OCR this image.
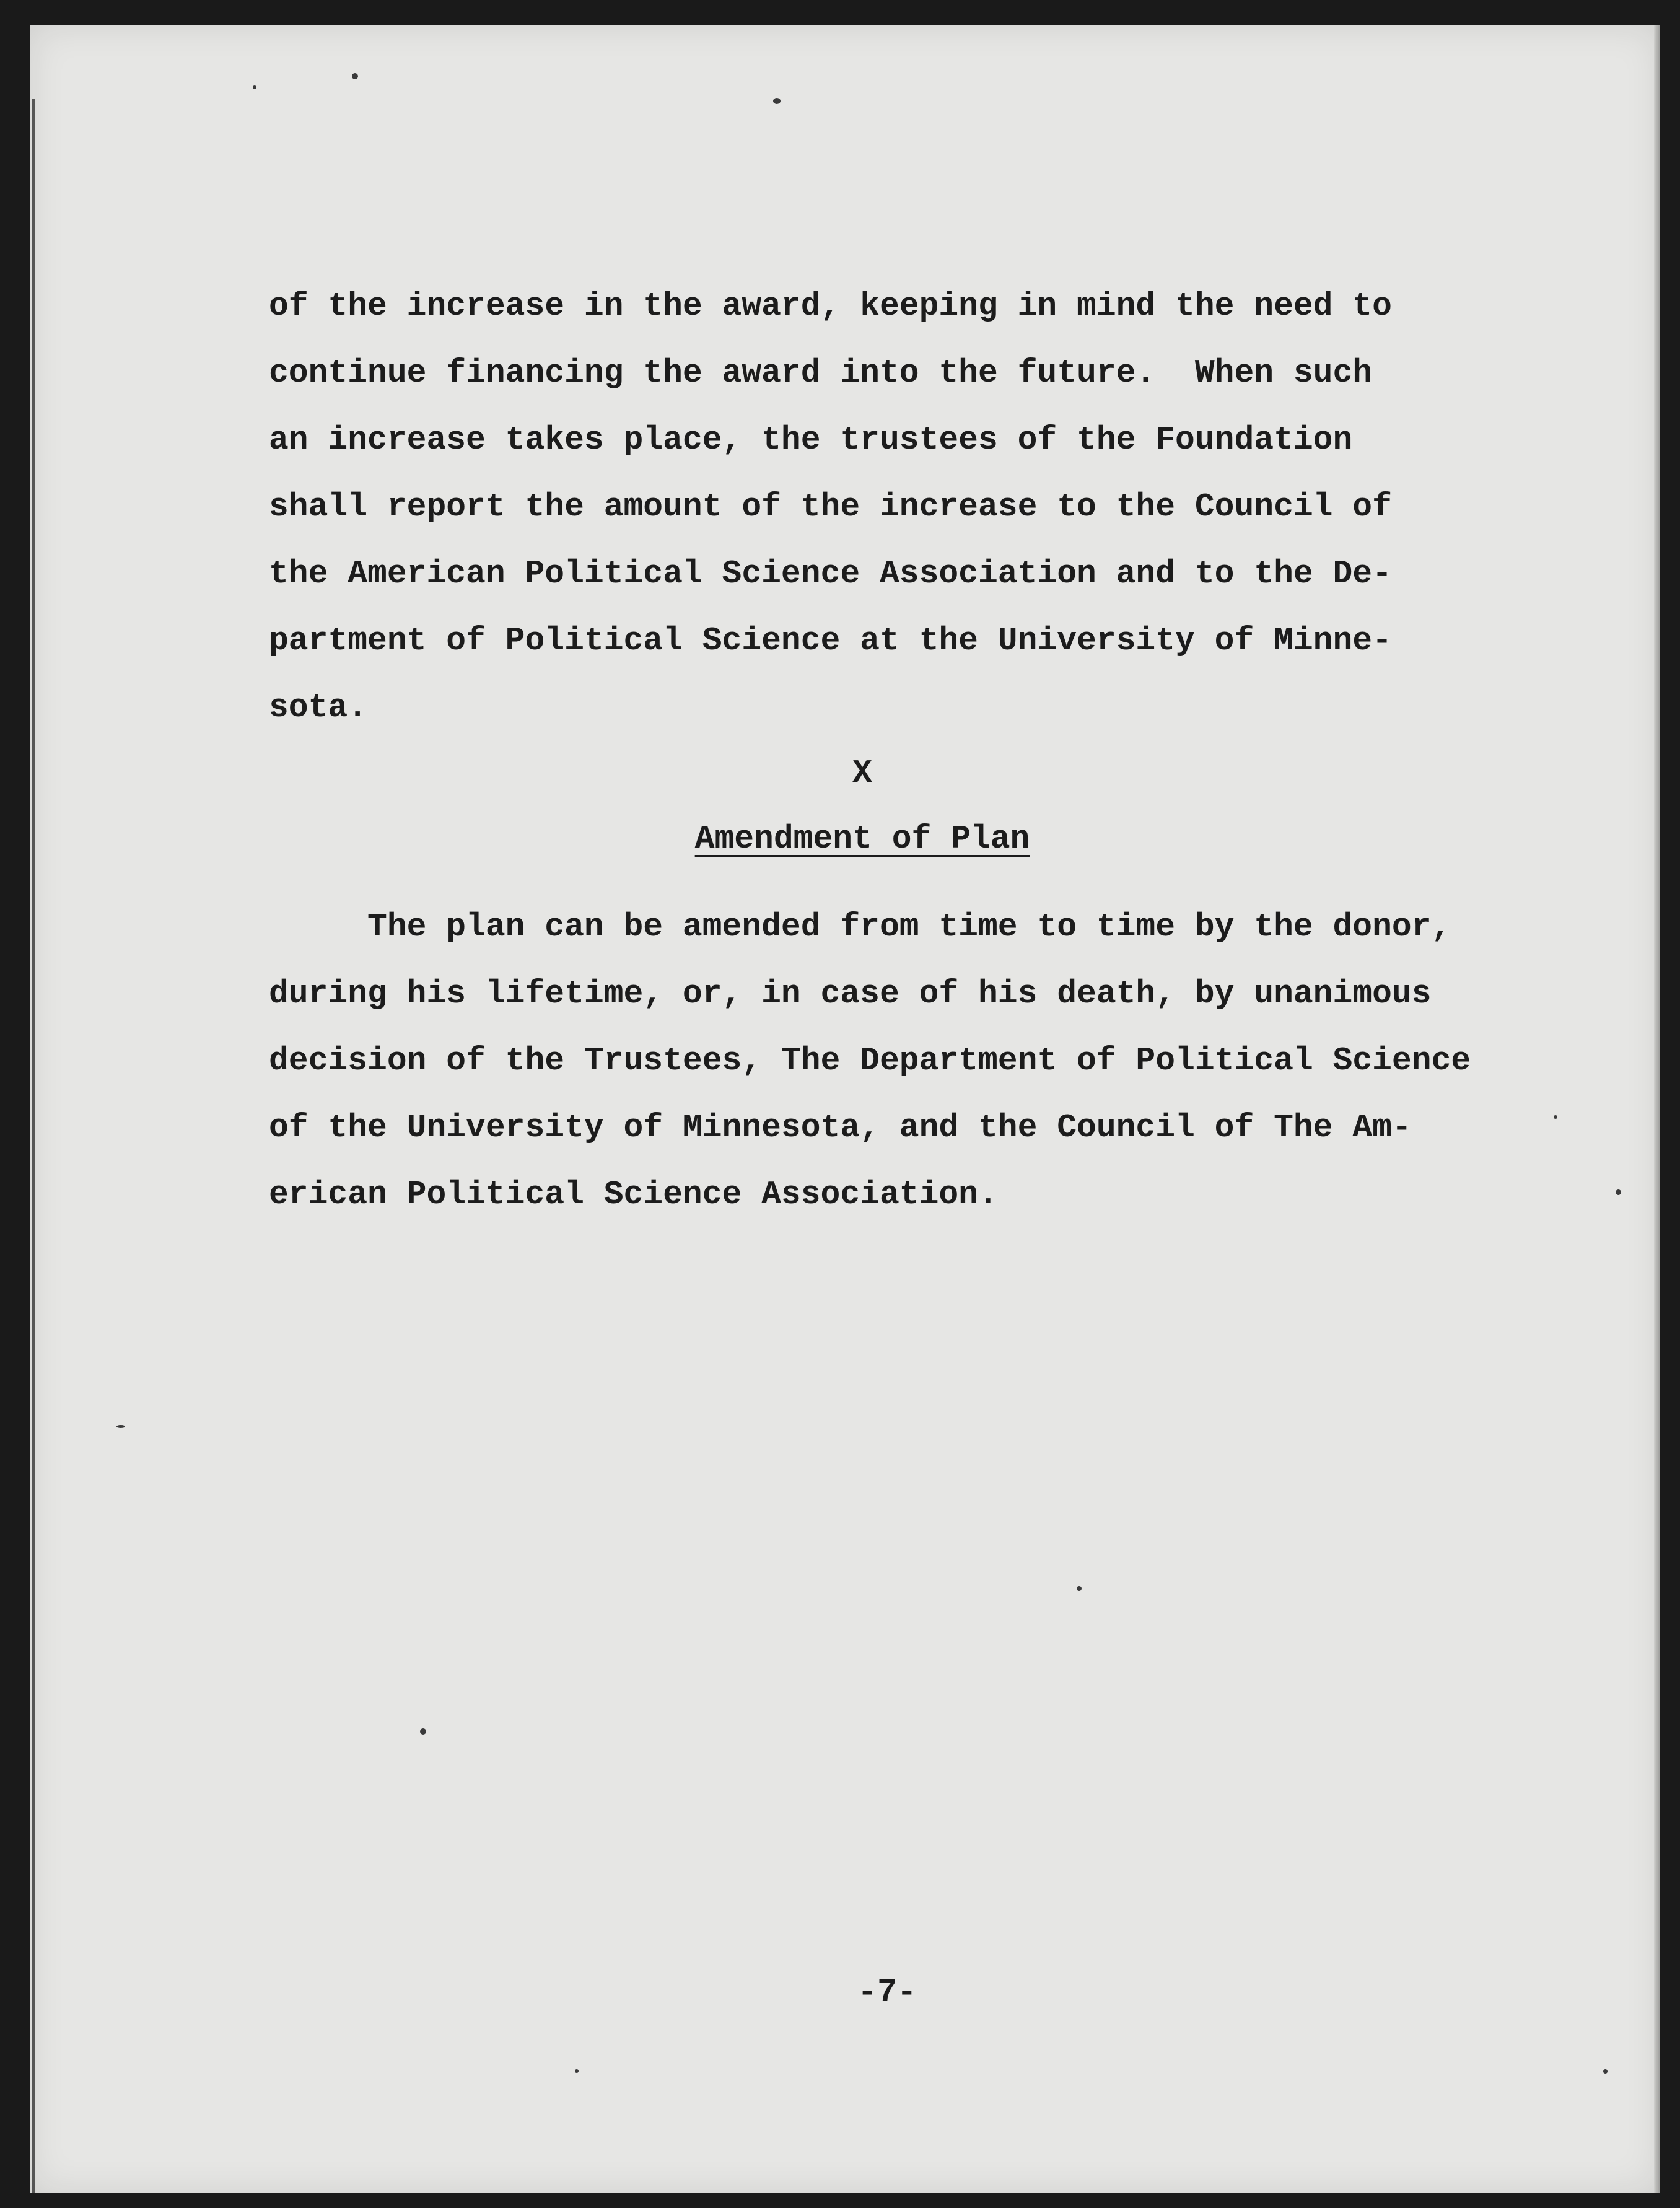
of the increase in the award, keeping in mind the need to

continue financing the award into the future.  When such

an increase takes place, the trustees of the Foundation

shall report the amount of the increase to the Council of

the American Political Science Association and to the De-

partment of Political Science at the University of Minne-

sota.

X

Amendment of Plan

The plan can be amended from time to time by the donor,

during his lifetime, or, in case of his death, by unanimous

decision of the Trustees, The Department of Political Science

of the University of Minnesota, and the Council of The Am-

erican Political Science Association.

-7-
